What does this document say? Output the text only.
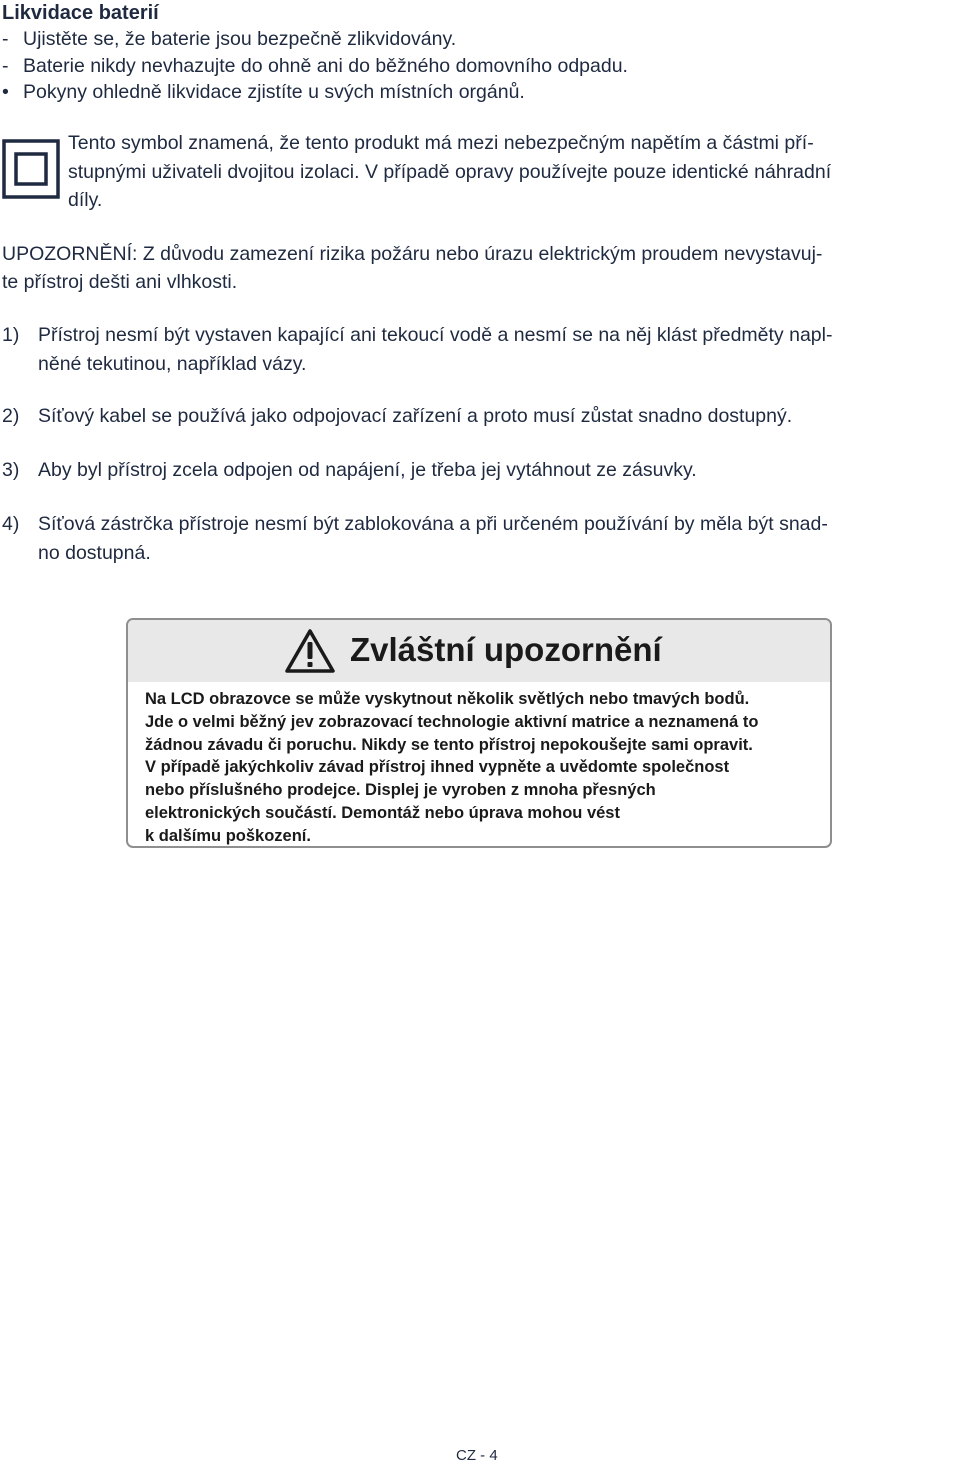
Likvidace baterií
- Ujistěte se, že baterie jsou bezpečně zlikvidovány.
- Baterie nikdy nevhazujte do ohně ani do běžného domovního odpadu.
• Pokyny ohledně likvidace zjistíte u svých místních orgánů.
Tento symbol znamená, že tento produkt má mezi nebezpečným napětím a částmi pří-
stupnými uživateli dvojitou izolaci. V případě opravy používejte pouze identické náhradní
díly.
UPOZORNĚNÍ: Z důvodu zamezení rizika požáru nebo úrazu elektrickým proudem nevystavuj-
te přístroj dešti ani vlhkosti.
1) Přístroj nesmí být vystaven kapající ani tekoucí vodě a nesmí se na něj klást předměty napl-
něné tekutinou, například vázy.
2) Síťový kabel se používá jako odpojovací zařízení a proto musí zůstat snadno dostupný.
3) Aby byl přístroj zcela odpojen od napájení, je třeba jej vytáhnout ze zásuvky.
4) Síťová zástrčka přístroje nesmí být zablokována a při určeném používání by měla být snad-
no dostupná.
Zvláštní upozornění
Na LCD obrazovce se může vyskytnout několik světlých nebo tmavých bodů.
Jde o velmi běžný jev zobrazovací technologie aktivní matrice a neznamená to
žádnou závadu či poruchu. Nikdy se tento přístroj nepokoušejte sami opravit.
V případě jakýchkoliv závad přístroj ihned vypněte a uvědomte společnost
nebo příslušného prodejce. Displej je vyroben z mnoha přesných
elektronických součástí. Demontáž nebo úprava mohou vést
k dalšímu poškození.
CZ - 4
